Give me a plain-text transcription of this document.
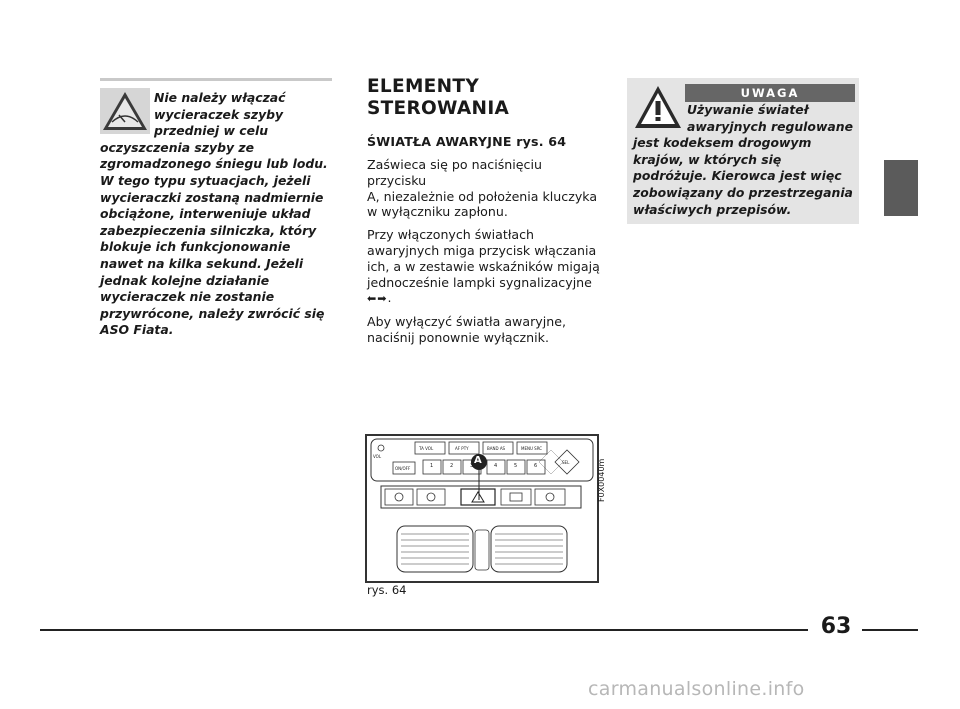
Nie należy włączać
wycieraczek szyby
przedniej w celu
oczyszczenia szyby ze
zgromadzonego śniegu lub lodu.
W tego typu sytuacjach, jeżeli
wycieraczki zostaną nadmiernie
obciążone, interweniuje układ
zabezpieczenia silniczka, który
blokuje ich funkcjonowanie
nawet na kilka sekund. Jeżeli
jednak kolejne działanie
wycieraczek nie zostanie
przywrócone, należy zwrócić się
ASO Fiata.

ELEMENTY
STEROWANIA
ŚWIATŁA AWARYJNE rys. 64

Zaświeca się po naciśnięciu przycisku
A, niezależnie od położenia kluczyka
w wyłączniku zapłonu.

Przy włączonych światłach
awaryjnych miga przycisk włączania
ich, a w zestawie wskaźników migają
jednocześnie lampki sygnalizacyjne
⬅➡.

Aby wyłączyć światła awaryjne,
naciśnij ponownie wyłącznik.

A
VOL
TA VOL	AF PTY	BAND AS	MENU SRC
ON/OFF	1	2	3	4	5	6
SEL	F0X0040m
rys. 64
UWAGA

Używanie świateł
awaryjnych regulowane
jest kodeksem drogowym
krajów, w których się
podróżuje. Kierowca jest więc
zobowiązany do przestrzegania
właściwych przepisów.

63
carmanualsonline.info
